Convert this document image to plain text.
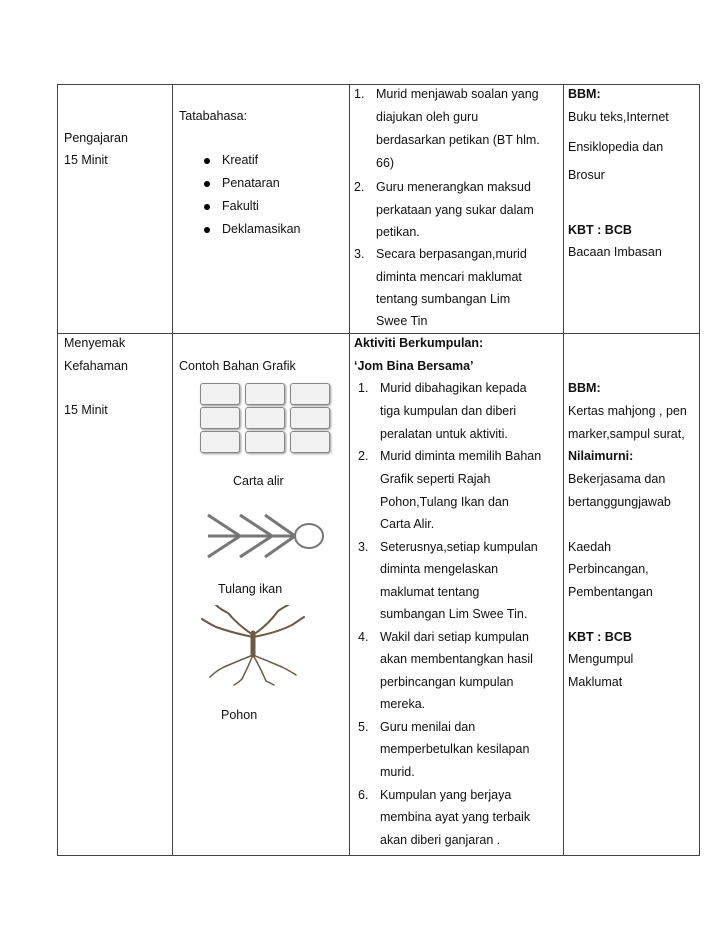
Pengajaran
15 Minit
Tatabahasa:
Kreatif
Penataran
Fakulti
Deklamasikan
1. Murid menjawab soalan yang
diajukan oleh guru
berdasarkan petikan (BT hlm.
66)
2. Guru menerangkan maksud
perkataan yang sukar dalam
petikan.
3. Secara berpasangan,murid
diminta mencari maklumat
tentang sumbangan Lim
Swee Tin
BBM:
Buku teks,Internet
Ensiklopedia dan
Brosur
KBT : BCB
Bacaan Imbasan
Menyemak
Kefahaman
15 Minit
Contoh Bahan Grafik
Carta alir
Tulang ikan
Pohon
Aktiviti Berkumpulan:
‘Jom Bina Bersama’
1. Murid dibahagikan kepada
tiga kumpulan dan diberi
peralatan untuk aktiviti.
2. Murid diminta memilih Bahan
Grafik seperti Rajah
Pohon,Tulang Ikan dan
Carta Alir.
3. Seterusnya,setiap kumpulan
diminta mengelaskan
maklumat tentang
sumbangan Lim Swee Tin.
4. Wakil dari setiap kumpulan
akan membentangkan hasil
perbincangan kumpulan
mereka.
5. Guru menilai dan
memperbetulkan kesilapan
murid.
6. Kumpulan yang berjaya
membina ayat yang terbaik
akan diberi ganjaran .
BBM:
Kertas mahjong , pen
marker,sampul surat,
Nilaimurni:
Bekerjasama dan
bertanggungjawab
Kaedah
Perbincangan,
Pembentangan
KBT : BCB
Mengumpul
Maklumat
